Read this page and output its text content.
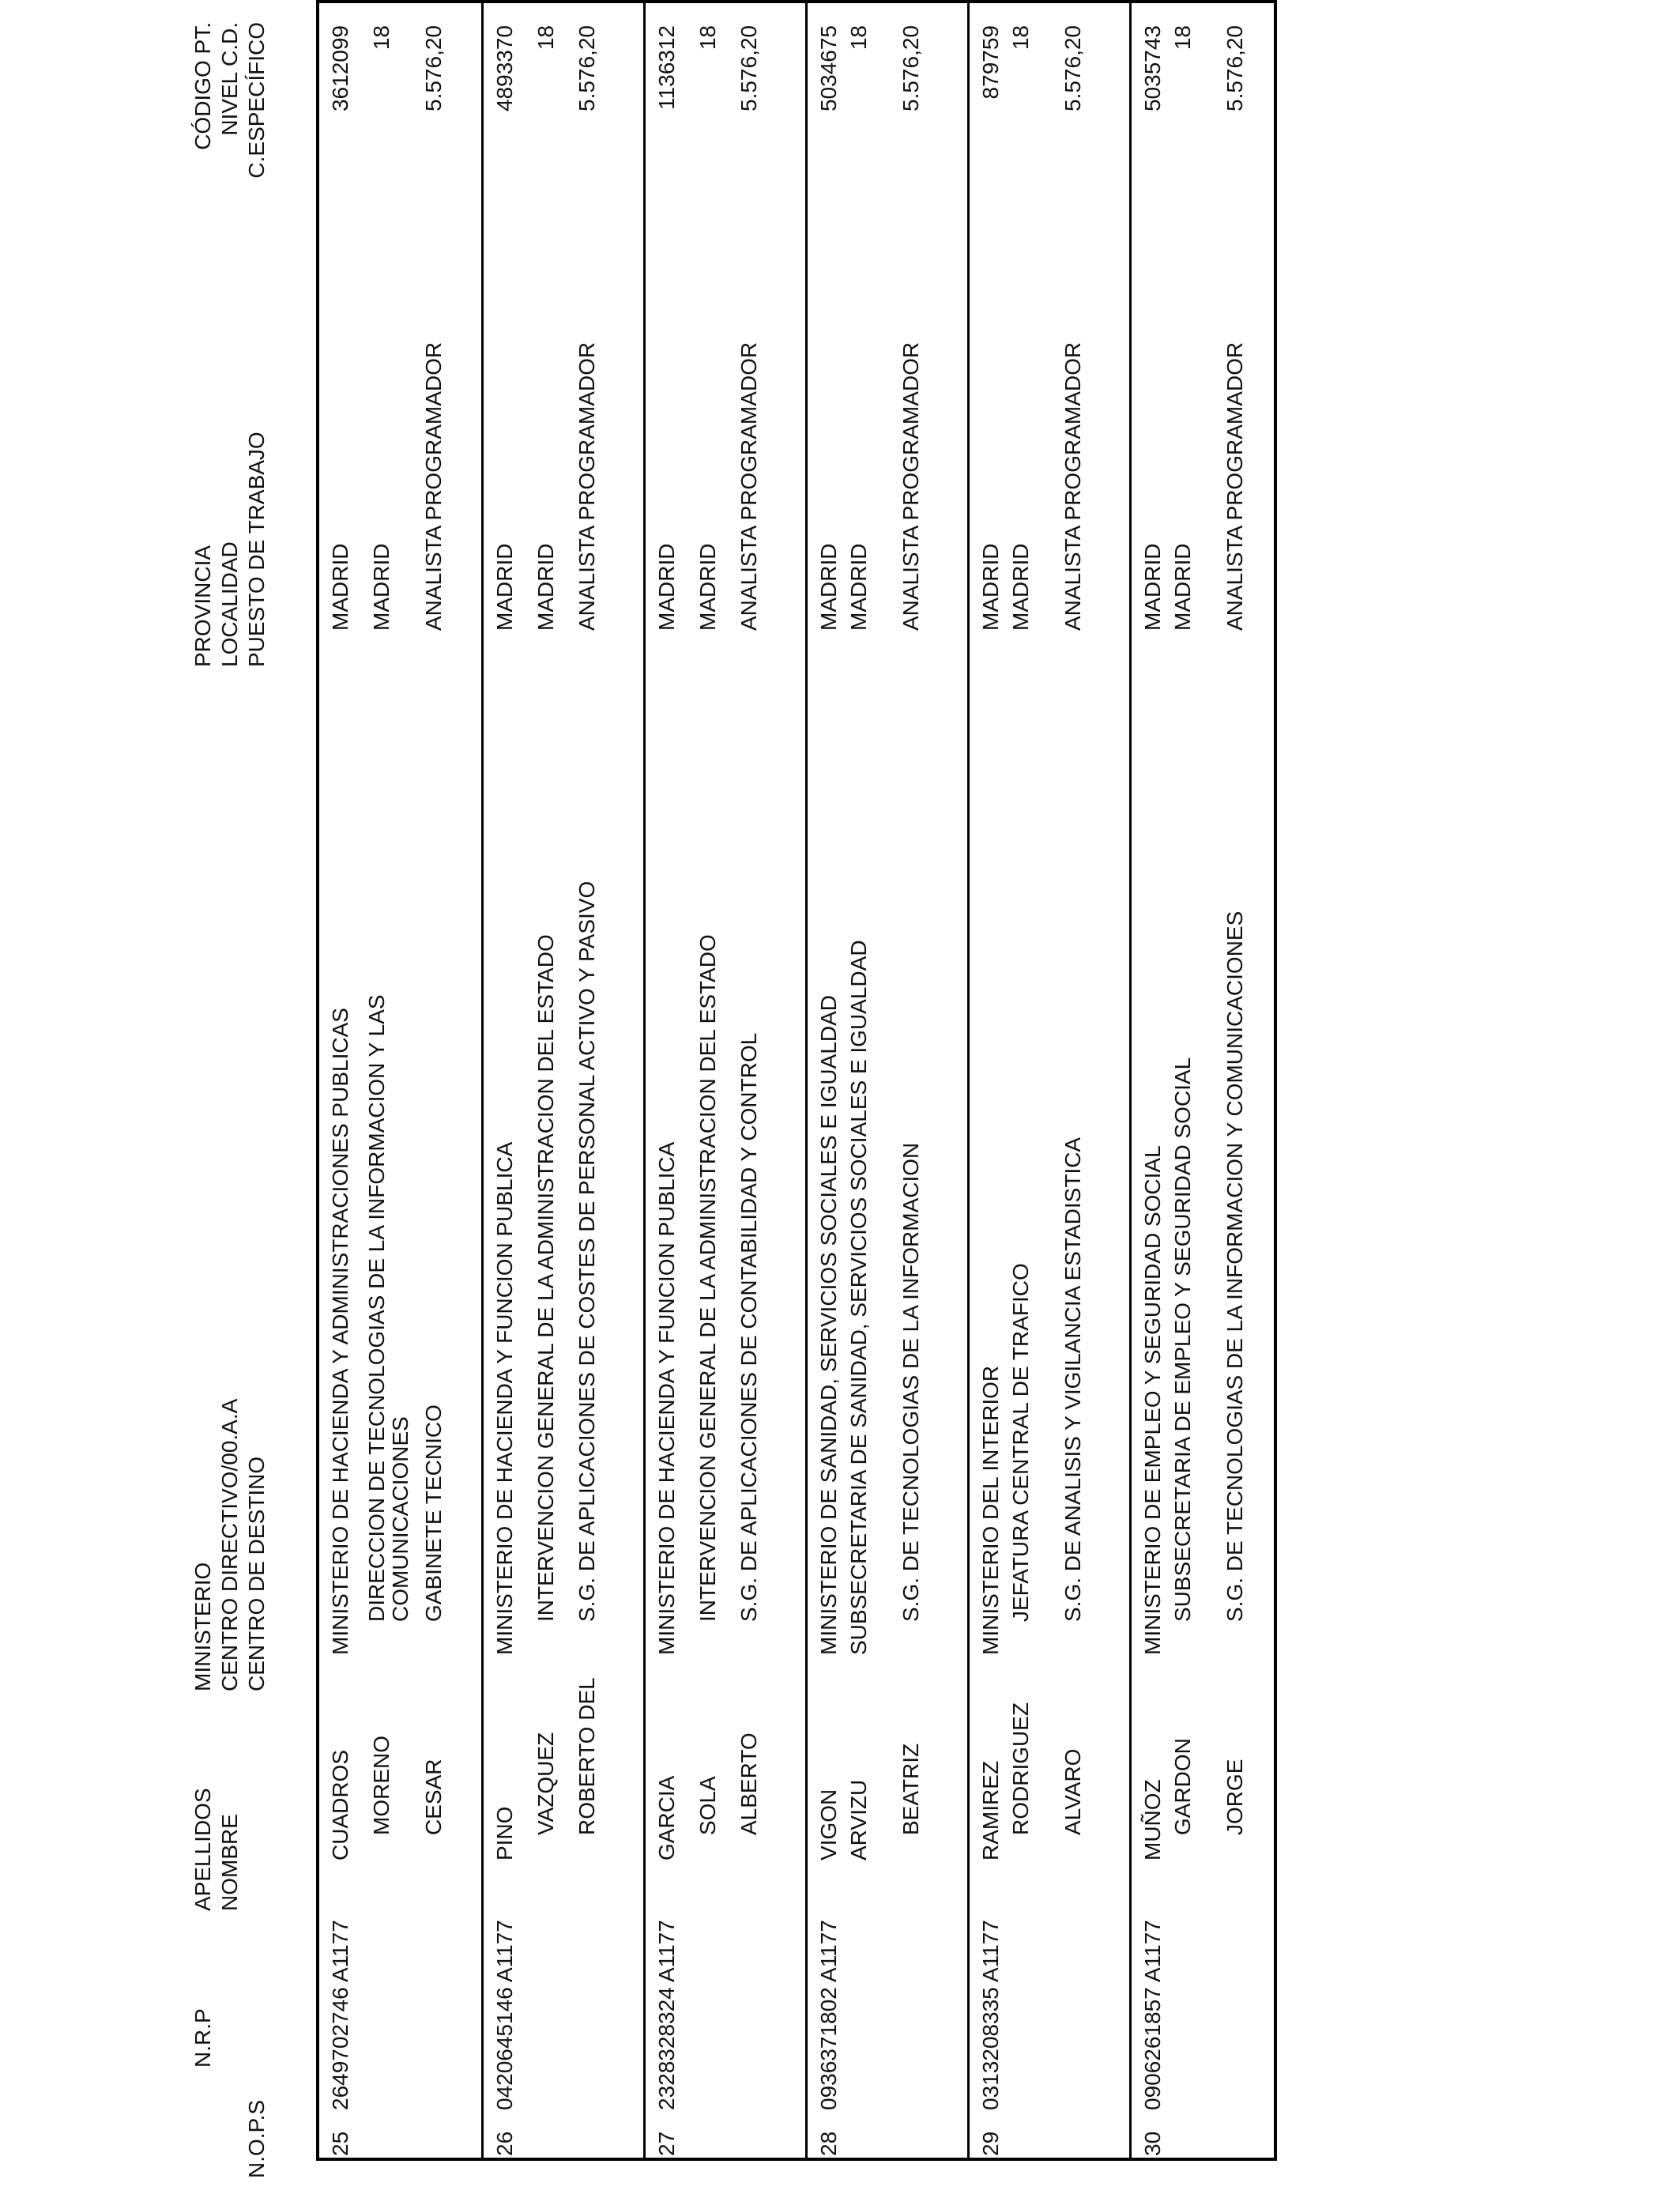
N.O.P.S
N.R.P
APELLIDOS NOMBRE
MINISTERIO CENTRO DIRECTIVO/00.A.A CENTRO DE DESTINO
PROVINCIA LOCALIDAD PUESTO DE TRABAJO
CÓDIGO PT. NIVEL C.D. C.ESPECÍFICO
25
2649702746 A1177
CUADROS MORENO CESAR
MINISTERIO DE HACIENDA Y ADMINISTRACIONES PUBLICAS DIRECCION DE TECNOLOGIAS DE LA INFORMACION Y LAS COMUNICACIONES GABINETE TECNICO
MADRID MADRID ANALISTA PROGRAMADOR
3612099 18 5.576,20
26
0420645146 A1177
PINO VAZQUEZ ROBERTO DEL
MINISTERIO DE HACIENDA Y FUNCION PUBLICA INTERVENCION GENERAL DE LA ADMINISTRACION DEL ESTADO S.G. DE APLICACIONES DE COSTES DE PERSONAL ACTIVO Y PASIVO
MADRID MADRID ANALISTA PROGRAMADOR
4893370 18 5.576,20
27
2328328324 A1177
GARCIA SOLA ALBERTO
MINISTERIO DE HACIENDA Y FUNCION PUBLICA INTERVENCION GENERAL DE LA ADMINISTRACION DEL ESTADO S.G. DE APLICACIONES DE CONTABILIDAD Y CONTROL
MADRID MADRID ANALISTA PROGRAMADOR
1136312 18 5.576,20
28
0936371802 A1177
VIGON ARVIZU BEATRIZ
MINISTERIO DE SANIDAD, SERVICIOS SOCIALES E IGUALDAD SUBSECRETARIA DE SANIDAD, SERVICIOS SOCIALES E IGUALDAD S.G. DE TECNOLOGIAS DE LA INFORMACION
MADRID MADRID ANALISTA PROGRAMADOR
5034675 18 5.576,20
29
0313208335 A1177
RAMIREZ RODRIGUEZ ALVARO
MINISTERIO DEL INTERIOR JEFATURA CENTRAL DE TRAFICO S.G. DE ANALISIS Y VIGILANCIA ESTADISTICA
MADRID MADRID ANALISTA PROGRAMADOR
879759 18 5.576,20
30
0906261857 A1177
MUÑOZ GARDON JORGE
MINISTERIO DE EMPLEO Y SEGURIDAD SOCIAL SUBSECRETARIA DE EMPLEO Y SEGURIDAD SOCIAL S.G. DE TECNOLOGIAS DE LA INFORMACION Y COMUNICACIONES
MADRID MADRID ANALISTA PROGRAMADOR
5035743 18 5.576,20
